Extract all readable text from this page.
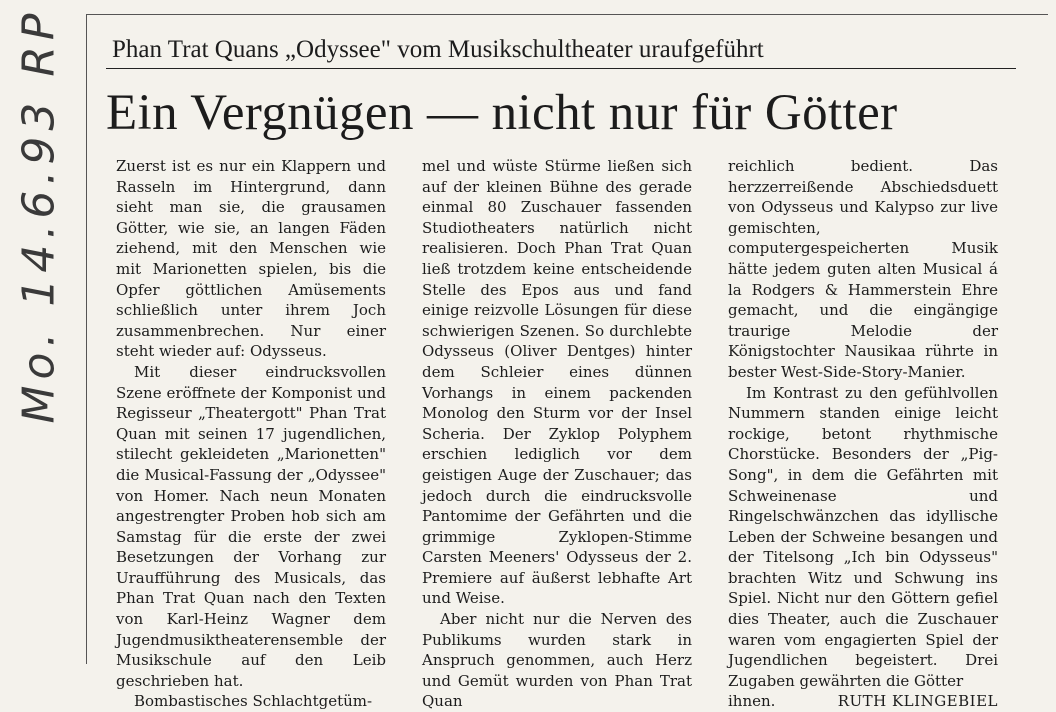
Mo. 14.6.93 RP Phan Trat Quans „Odyssee" vom Musikschultheater uraufgeführt
Ein Vergnügen — nicht nur für Götter

Zuerst ist es nur ein Klappern und Rasseln im Hintergrund, dann sieht man sie, die grausamen Götter, wie sie, an langen Fäden ziehend, mit den Menschen wie mit Marionetten spielen, bis die Opfer göttlichen Amüsements schließlich unter ihrem Joch zusammenbrechen. Nur einer steht wieder auf: Odysseus.

Mit dieser eindrucksvollen Szene eröffnete der Komponist und Regisseur „Theatergott" Phan Trat Quan mit seinen 17 jugendlichen, stilecht gekleideten „Marionetten" die Musical-Fassung der „Odyssee" von Homer. Nach neun Monaten angestrengter Proben hob sich am Samstag für die erste der zwei Besetzungen der Vorhang zur Uraufführung des Musicals, das Phan Trat Quan nach den Texten von Karl-Heinz Wagner dem Jugendmusiktheaterensemble der Musikschule auf den Leib geschrieben hat.

Bombastisches Schlachtgetüm-

mel und wüste Stürme ließen sich auf der kleinen Bühne des gerade einmal 80 Zuschauer fassenden Studiotheaters natürlich nicht realisieren. Doch Phan Trat Quan ließ trotzdem keine entscheidende Stelle des Epos aus und fand einige reizvolle Lösungen für diese schwierigen Szenen. So durchlebte Odysseus (Oliver Dentges) hinter dem Schleier eines dünnen Vorhangs in einem packenden Monolog den Sturm vor der Insel Scheria. Der Zyklop Polyphem erschien lediglich vor dem geistigen Auge der Zuschauer; das jedoch durch die eindrucksvolle Pantomime der Gefährten und die grimmige Zyklopen-Stimme Carsten Meeners' Odysseus der 2. Premiere auf äußerst lebhafte Art und Weise.

Aber nicht nur die Nerven des Publikums wurden stark in Anspruch genommen, auch Herz und Gemüt wurden von Phan Trat Quan

reichlich bedient. Das herzzerreißende Abschiedsduett von Odysseus und Kalypso zur live gemischten, computergespeicherten Musik hätte jedem guten alten Musical á la Rodgers & Hammerstein Ehre gemacht, und die eingängige traurige Melodie der Königstochter Nausikaa rührte in bester West-Side-Story-Manier.

Im Kontrast zu den gefühlvollen Nummern standen einige leicht rockige, betont rhythmische Chorstücke. Besonders der „Pig-Song", in dem die Gefährten mit Schweinenase und Ringelschwänzchen das idyllische Leben der Schweine besangen und der Titelsong „Ich bin Odysseus" brachten Witz und Schwung ins Spiel. Nicht nur den Göttern gefiel dies Theater, auch die Zuschauer waren vom engagierten Spiel der Jugendlichen begeistert. Drei Zugaben gewährten die Götter

ihnen.	RUTH KLINGEBIEL
